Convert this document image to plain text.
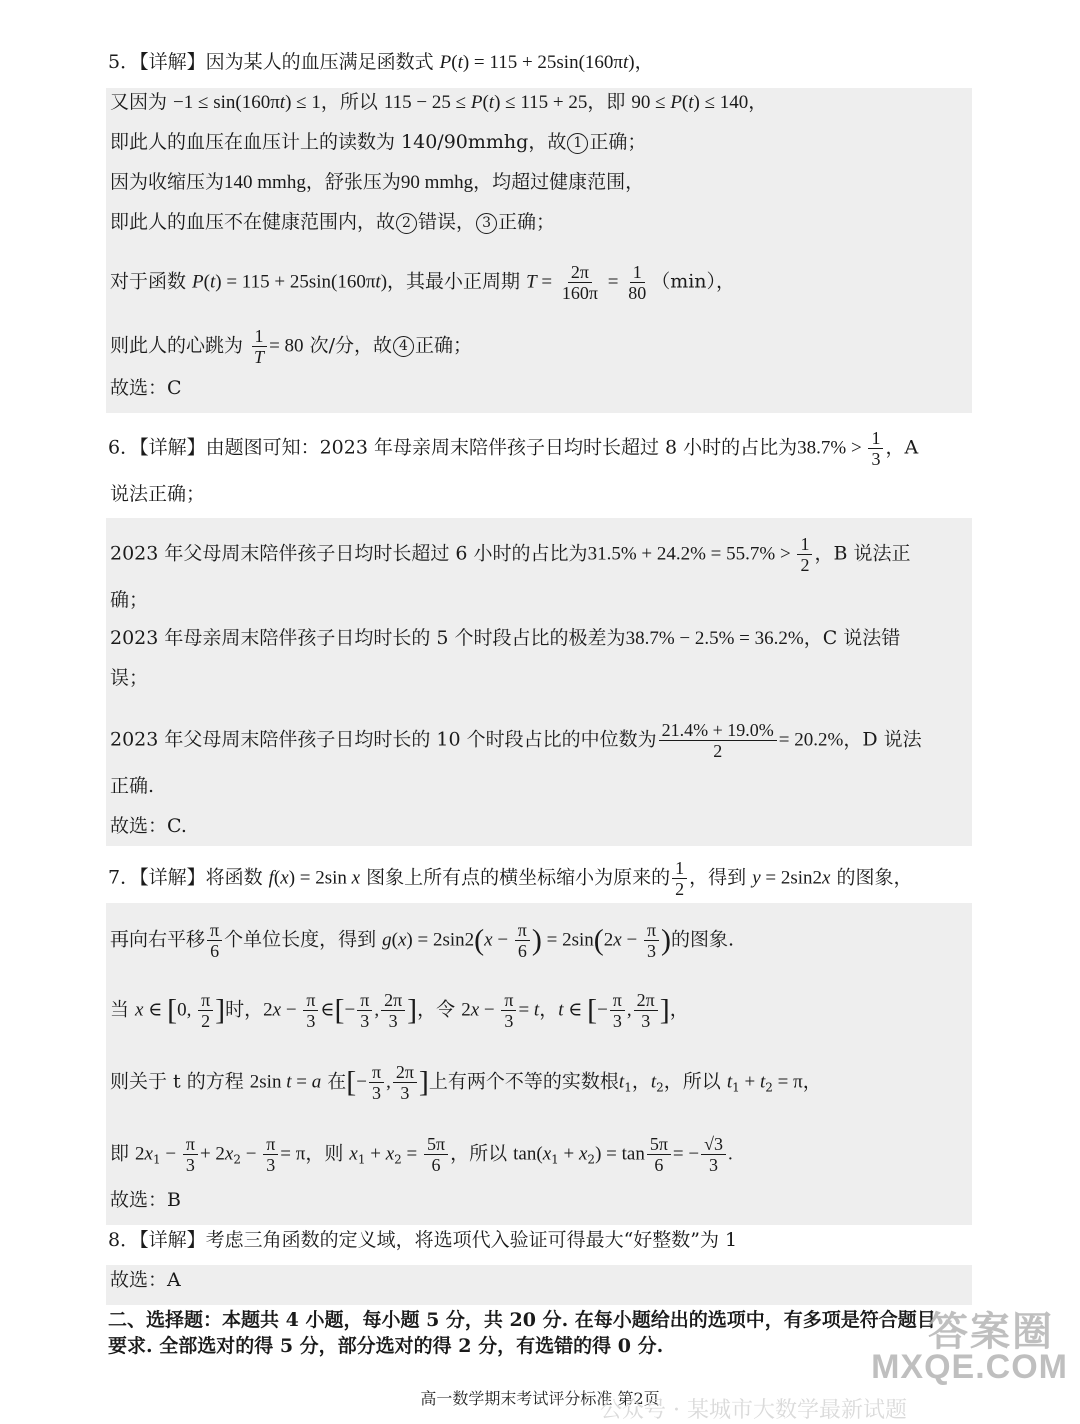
5．【详解】因为某人的血压满足函数式 P(t) = 115 + 25sin(160πt)，
又因为 −1 ≤ sin(160πt) ≤ 1，所以 115 − 25 ≤ P(t) ≤ 115 + 25，即 90 ≤ P(t) ≤ 140，
即此人的血压在血压计上的读数为 140/90mmhg，故 1 正确；
因为收缩压为140 mmhg，舒张压为90 mmhg，均超过健康范围，
即此人的血压不在健康范围内，故 2 错误， 3 正确；
对于函数 P(t) = 115 + 25sin(160πt)，其最小正周期 $T = \frac{2\pi}{160\pi} = \frac{1}{80} (\min)$，
则此人的心跳为 $\frac{1}{T} = 80$ 次/分，故 4 正确；
故选：C
6．【详解】由题图可知：2023 年母亲周末陪伴孩子日均时长超过 8 小时的占比为$38.7\% > \frac{1}{3}$ ，A
说法正确；
2023 年父母周末陪伴孩子日均时长超过 6 小时的占比为$31.5\% + 24.2\% = 55.7\% > \frac{1}{2}$ ，B 说法正
确；
2023 年母亲周末陪伴孩子日均时长的 5 个时段占比的极差为38.7% − 2.5% = 36.2%，C 说法错
误；
2023 年父母周末陪伴孩子日均时长的 10 个时段占比的中位数为 $\frac{21.4\% + 19.0\%}{2} = 20.2\%$，D 说法
正确.
故选：C.
7．【详解】将函数 f(x) = 2sin x 图象上所有点的横坐标缩小为原来的 $\frac{1}{2}$ ，得到 y = 2sin2x 的图象，
再向右平移 $\frac{\pi}{6}$ 个单位长度，得到 $g(x) = 2\sin 2(x - \frac{\pi}{6}$ ) = $2\sin(2x - \frac{\pi}{3}$ )的图象.
当 x ∈ [0, $\frac{\pi}{2}$ ]时，$2x - \frac{\pi}{3}$ ∈[− $\frac{\pi}{3}$ , $\frac{2\pi}{3}$ ]，令 $2x - \frac{\pi}{3} = t$，t ∈ [− $\frac{\pi}{3}$ , $\frac{2\pi}{3}$ ]，
则关于 t 的方程 2sin t = a 在[− $\frac{\pi}{3}$ , $\frac{2\pi}{3}$ ]上有两个不等的实数根$t_1$，$t_2$，所以 $t_1 + t_2 = \pi$，
即 $2x_1 - \frac{\pi}{3} + 2x_2 - \frac{\pi}{3} = \pi$，则 $x_1 + x_2 = \frac{5\pi}{6}$ ，所以 $\tan(x_1 + x_2) = \tan \frac{5\pi}{6}$ = − $\frac{√3}{3}$ .
故选：B
8．【详解】考虑三角函数的定义域，将选项代入验证可得最大“好整数”为 1
故选：A
二、选择题：本题共 4 小题，每小题 5 分，共 20 分. 在每小题给出的选项中，有多项是符合题目
要求. 全部选对的得 5 分，部分选对的得 2 分，有选错的得 0 分.
高一数学期末考试评分标准 第2页
答案圈
MXQE.COM
公众号 · 某城市大数学最新试题
